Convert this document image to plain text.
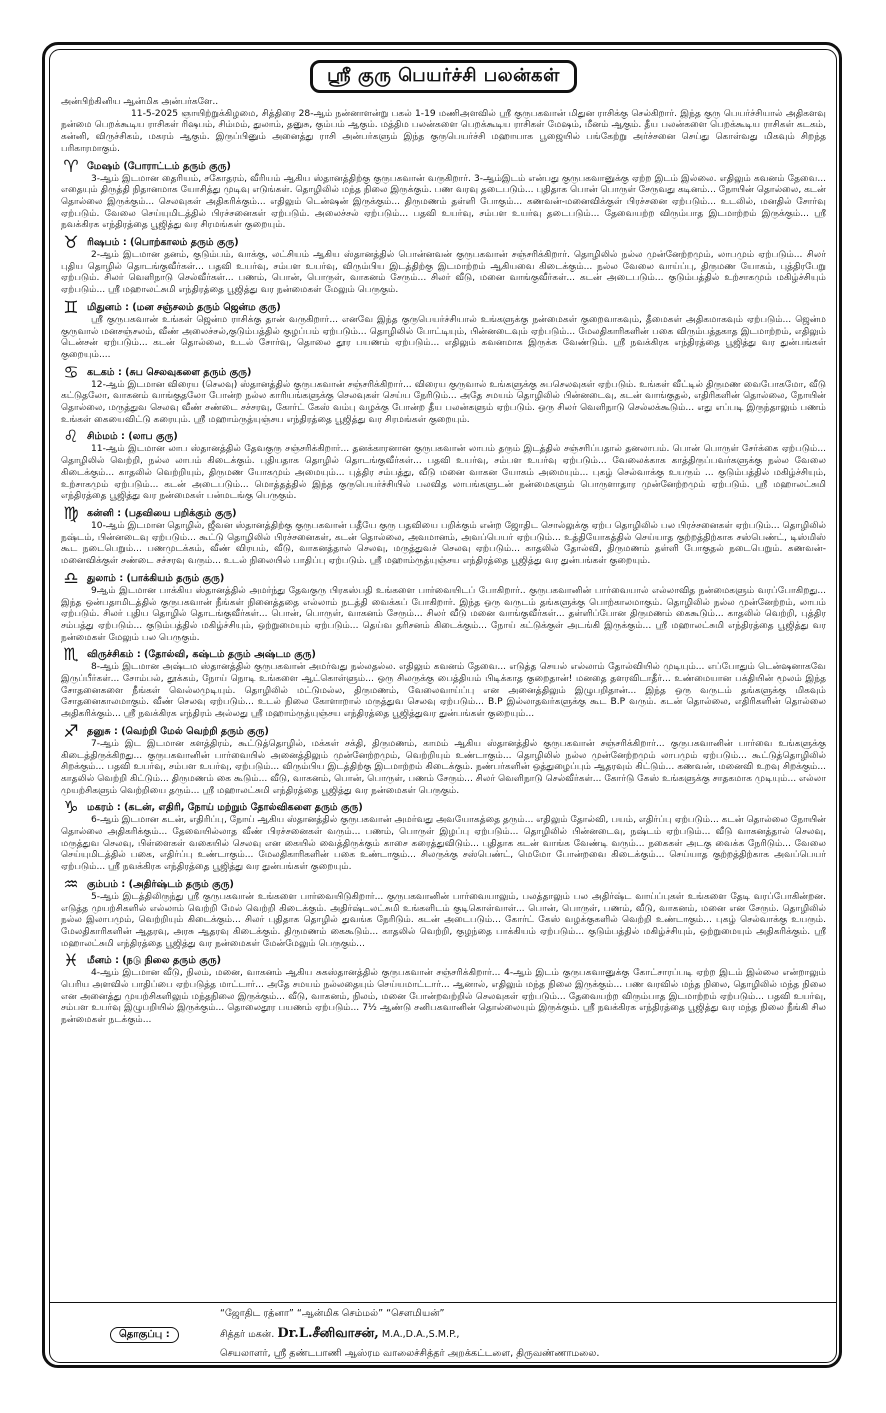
ஸ்ரீ குரு பெயர்ச்சி பலன்கள்

அன்பிற்கினிய ஆன்மிக அன்பர்களே..

11-5-2025 ஞாயிற்றுக்கிழமை, சித்திரை 28-ஆம் நன்னாளன்று பகல் 1-19 மணிஅளவில் ஸ்ரீ குருபகவான் மிதுன ராசிக்கு செல்கிறார். இந்த குரு பெயர்ச்சியால் அதிகளவு நன்மை பெறக்கூடிய ராசிகள் ரிஷபம், சிம்மம், துலாம், தனுசு, கும்பம் ஆகும். மத்திம பலன்களை பெறக்கூடிய ராசிகள் மேஷம், மீனம் ஆகும். தீய பலன்களை பெறக்கூடிய ராசிகள் கடகம், கன்னி, விருச்சிகம், மகரம் ஆகும். இருப்பினும் அனைத்து ராசி அன்பர்களும் இந்த குருபெயர்ச்சி மஹாயாக பூஜையில் பங்கேற்று அர்ச்சனை செய்து கொள்வது மிகவும் சிறந்த பரிகாரமாகும்.

♈ மேஷம் (போராட்டம் தரும் குரு)

3-ஆம் இடமான தைரியம், சகோதரம், வீரியம் ஆகிய ஸ்தானத்திற்கு குருபகவான் வருகிறார். 3-ஆம்இடம் என்பது குருபகவானுக்கு ஏற்ற இடம் இல்லை. எதிலும் கவனம் தேவை... எதையும் திருத்தி நிதானமாக யோசித்து முடிவு எடுங்கள். தொழிலில் மந்த நிலை இருக்கும். பண வரவு தடைபடும்... புதிதாக பொன் பொருள் சேருவது கடினம்... நோயின் தொல்லை, கடன் தொல்லை இருக்கும்... செலவுகள் அதிகரிக்கும்... எதிலும் டென்ஷன் இருக்கும்... திருமணம் தள்ளி போகும்... கணவன்-மனைவிக்குள் பிரச்சனை ஏற்படும்... உடலில், மனதில் சோர்வு ஏற்படும். வேலை செய்யுமிடத்தில் பிரச்சனைகள் ஏற்படும். அலைச்சல் ஏற்படும்... பதவி உயர்வு, சம்பள உயர்வு தடைபடும்... தேவையற்ற விரும்பாத இடமாற்றம் இருக்கும்... ஸ்ரீ நவக்கிரக எந்திரத்தை பூஜித்து வர சிரமங்கள் குறையும்.

♉ ரிஷபம் : (பொற்காலம் தரும் குரு)

2-ஆம் இடமான தனம், குடும்பம், வாக்கு, லட்சியம் ஆகிய ஸ்தானத்தில் பொன்னவன் குருபகவான் சஞ்சரிக்கிறார். தொழிலில் நல்ல முன்னேற்றமும், லாபமும் ஏற்படும்... சிலர் புதிய தொழில் தொடங்குவீர்கள்... பதவி உயர்வு, சம்பள உயர்வு, விரும்பிய இடத்திற்கு இடமாற்றம் ஆகியவை கிடைக்கும்... நல்ல வேலை வாய்ப்பு, திருமண யோகம், புத்திரபேறு ஏற்படும். சிலர் வெளிநாடு செல்வீர்கள்... பணம், பொன், பொருள், வாகனம் சேரும்... சிலர் வீடு, மனை வாங்குவீர்கள்... கடன் அடைபடும்... குடும்பத்தில் உற்சாகமும் மகிழ்ச்சியும் ஏற்படும்... ஸ்ரீ மஹாலட்சுமி எந்திரத்தை பூஜித்து வர நன்மைகள் மேலும் பெருகும்.

♊ மிதுனம் : (மன சஞ்சலம் தரும் ஜென்ம குரு)

ஸ்ரீ குருபகவான் உங்கள் ஜென்ம ராசிக்கு தான் வருகிறார்... எனவே இந்த குருபெயர்ச்சியால் உங்களுக்கு நன்மைகள் குறைவாகவும், தீமைகள் அதிகமாகவும் ஏற்படும்... ஜென்ம குருவால் மனசஞ்சலம், வீண் அலைச்சல்,குடும்பத்தில் குழப்பம் ஏற்படும்... தொழிலில் போட்டியும், பின்னடைவும் ஏற்படும்... மேலதிகாரிகளின் பகை விரும்பத்தகாத இடமாற்றம், எதிலும் டென்சன் ஏற்படும்... கடன் தொல்லை, உடல் சோர்வு, தொலை தூர பயணம் ஏற்படும்... எதிலும் கவனமாக இருக்க வேண்டும். ஸ்ரீ நவக்கிரக எந்திரத்தை பூஜித்து வர துன்பங்கள் குறையும்....

♋ கடகம் : (சுப செலவுகளை தரும் குரு)

12-ஆம் இடமான விரைய (செலவு) ஸ்தானத்தில் குருபகவான் சஞ்சரிக்கிறார்... விரைய குருவால் உங்களுக்கு சுபசெலவுகள் ஏற்படும். உங்கள் வீட்டில் திருமண வைபோகமோ, வீடு கட்டுதலோ, வாகனம் வாங்குதலோ போன்ற நல்ல காரியங்களுக்கு செலவுகள் செய்ய நேரிடும்... அதே சமயம் தொழிலில் பின்னடைவு, கடன் வாங்குதல், எதிரிகளின் தொல்லை, நோயின் தொல்லை, மருத்துவ செலவு வீண் சண்டை சச்சரவு, கோர்ட் கேஸ் வம்பு வழக்கு போன்ற தீய பலன்களும் ஏற்படும். ஒரு சிலர் வெளிநாடு செல்லக்கூடும்... எது எப்படி இருந்தாலும் பணம் உங்கள் கையைவிட்டு கரையும். ஸ்ரீ மஹாம்ருத்யுஞ்சய எந்திரத்தை பூஜித்து வர சிரமங்கள் குறையும்.

♌ சிம்மம் : (லாப குரு)

11-ஆம் இடமான லாப ஸ்தானத்தில் தேவகுரு சஞ்சரிக்கிறார்... தனக்காரனான குருபகவான் லாபம் தரும் இடத்தில் சஞ்சரிப்பதால் தனலாபம். பொன் பொருள் சேர்க்கை ஏற்படும்... தொழிலில் வெற்றி, நல்ல லாபம் கிடைக்கும். புதியதாக தொழில் தொடங்குவீர்கள்... பதவி உயர்வு, சம்பள உயர்வு ஏற்படும்... வேலைக்காக காத்திருப்பவர்களுக்கு நல்ல வேலை கிடைக்கும்... காதலில் வெற்றியும், திருமண யோகமும் அமையும்... புத்திர சம்பத்து, வீடு மனை வாகன யோகம் அமையும்... புகழ் செல்வாக்கு உயரும் ... குடும்பத்தில் மகிழ்ச்சியும், உற்சாகமும் ஏற்படும்... கடன் அடைபடும்... மொத்தத்தில் இந்த குருபெயர்ச்சியில் பலவித லாபங்களுடன் நன்மைகளும் பொருளாதார முன்னேற்றமும் ஏற்படும். ஸ்ரீ மஹாலட்சுமி எந்திரத்தை பூஜித்து வர நன்மைகள் பன்மடங்கு பெருகும்.

♍ கன்னி : (பதவியை பறிக்கும் குரு)

10-ஆம் இடமான தொழில், ஜீவன ஸ்தானத்திற்கு குருபகவான் பதீயே குரு பதவியை பறிக்கும் என்ற ஜோதிட சொல்லுக்கு ஏற்ப தொழிலில் பல பிரச்சனைகள் ஏற்படும்... தொழிலில் நஷ்டம், பின்னடைவு ஏற்படும்... கூட்டு தொழிலில் பிரச்சனைகள், கடன் தொல்லை, அவமானம், அவப்பெயர் ஏற்படும்... உத்தியோகத்தில் செய்யாத குற்றத்திற்காக சஸ்பெண்ட், டிஸ்மிஸ் கூட நடைபெறும்... பணமுடக்கம், வீண் விரயம், வீடு, வாகனத்தால் செலவு, மருத்துவச் செலவு ஏற்படும்... காதலில் தோல்வி, திருமணம் தள்ளி போகுதல் நடைபெறும். கணவன்-மனைவிக்குள் சண்டை சச்சரவு வரும்... உடல் நிலையில் பாதிப்பு ஏற்படும். ஸ்ரீ மஹாம்ருத்யுஞ்சய எந்திரத்தை பூஜித்து வர துன்பங்கள் குறையும்.

♎ துலாம் : (பாக்கியம் தரும் குரு)

9ஆம் இடமான பாக்கிய ஸ்தானத்தில் அமர்ந்து தேவகுரு பிரகஸ்பதி உங்களை பார்வையிடப் போகிறார்.. குருபகவானின் பார்வையால் எல்லாவித நன்மைகளும் வரப்போகிறது... இந்த ஒன்பதாமிடத்தில் குருபகவான் நீங்கள் நினைத்ததை எல்லாம் நடத்தி வைக்கப் போகிறார். இந்த ஒரு வருடம் தங்களுக்கு பொற்காலமாகும். தொழிலில் நல்ல முன்னேற்றம், லாபம் ஏற்படும். சிலர் புதிய தொழில் தொடங்குவீர்கள்... பொன், பொருள், வாகனம் சேரும்... சிலர் வீடு மனை வாங்குவீர்கள்... தள்ளிப்போன திருமணம் கைகூடும்... காதலில் வெற்றி, புத்திர சம்பத்து ஏற்படும்... குடும்பத்தில் மகிழ்ச்சியும், ஒற்றுமையும் ஏற்படும்... தெய்வ தரிசனம் கிடைக்கும்... நோய் கட்டுக்குள் அடங்கி இருக்கும்... ஸ்ரீ மஹாலட்சுமி எந்திரத்தை பூஜித்து வர நன்மைகள் மேலும் பல பெருகும்.

♏ விருச்சிகம் : (தோல்வி, கஷ்டம் தரும் அஷ்டம குரு)

8-ஆம் இடமான அஷ்டம ஸ்தானத்தில் குருபகவான் அமர்வது நல்லதல்ல. எதிலும் கவனம் தேவை... எடுத்த செயல் எல்லாம் தோல்வியில் முடியும்... எப்போதும் டென்ஷனாகவே இருப்பீர்கள்... சோம்பல், தூக்கம், நோய் நொடி உங்களை ஆட்கொள்ளும்... ஒரு சிலருக்கு பைத்தியம் பிடிக்காத குறைதான்! மனதை தளரவிடாதீர்... உண்மையான பக்தியின் மூலம் இந்த சோதனைகளை நீங்கள் வெல்லமுடியும். தொழிலில் மட்டுமல்ல, திருமணம், வேலைவாய்ப்பு என அனைத்திலும் இழுபறிதான்... இந்த ஒரு வருடம் தங்களுக்கு மிகவும் சோதனைகாலமாகும். வீண் செலவு ஏற்படும்... உடல் நிலை கோளாறால் மருத்துவ செலவு ஏற்படும்... B.P இல்லாதவர்களுக்கு கூட B.P வரும். கடன் தொல்லை, எதிரிகளின் தொல்லை அதிகரிக்கும்... ஸ்ரீ நவக்கிரக எந்திரம் அல்லது ஸ்ரீ மஹாம்ருத்யுஞ்சய எந்திரத்தை பூஜித்துவர துன்பங்கள் குறையும்...

♐ தனுசு : (வெற்றி மேல் வெற்றி தரும் குரு)

7-ஆம் இட இடமான களத்திரம், கூட்டுத்தொழில், மக்கள் சக்தி, திருமணம், காமம் ஆகிய ஸ்தானத்தில் குருபகவான் சஞ்சரிக்கிறார்... குருபகவானின் பார்வை உங்களுக்கு கிடைத்திருக்கிறது... குருபகவானின் பார்வையில் அனைத்திலும் முன்னேற்றமும், வெற்றியும் உண்டாகும்... தொழிலில் நல்ல முன்னேற்றமும் லாபமும் ஏற்படும்... கூட்டுத்தொழிலில் சிறக்கும்... பதவி உயர்வு, சம்பள உயர்வு, ஏற்படும்... விரும்பிய இடத்திற்கு இடமாற்றம் கிடைக்கும். நண்பர்களின் ஒத்துழைப்பும் ஆதரவும் கிட்டும்... கணவன், மனைவி உறவு சிறக்கும்... காதலில் வெற்றி கிட்டும்... திருமணம் கை கூடும்... வீடு, வாகனம், பொன், பொருள், பணம் சேரும்... சிலர் வெளிநாடு செல்வீர்கள்... கோர்டு கேஸ் உங்களுக்கு சாதகமாக முடியும்... எல்லா முயற்சிகளும் வெற்றியை தரும்... ஸ்ரீ மஹாலட்சுமி எந்திரத்தை பூஜித்து வர நன்மைகள் பெருகும்.

♑ மகரம் : (கடன், எதிரி, நோய் மற்றும் தோல்விகளை தரும் குரு)

6-ஆம் இடமான கடன், எதிரிப்பு, நோய் ஆகிய ஸ்தானத்தில் குருபகவான் அமர்வது அவயோகத்தை தரும்... எதிலும் தோல்வி, பயம், எதிர்ப்பு ஏற்படும்... கடன் தொல்லை நோயின் தொல்லை அதிகரிக்கும்... தேவையில்லாத வீண் பிரச்சனைகள் வரும்... பணம், பொருள் இழப்பு ஏற்படும்... தொழிலில் பின்னடைவு, நஷ்டம் ஏற்படும்... வீடு வாகனத்தால் செலவு, மருத்துவ செலவு, பிள்ளைகள் வகையில் செலவு என கையில் வைத்திருக்கும் காசை கரைத்துவிடும்... புதிதாக கடன் வாங்க வேண்டி வரும்... நகைகள் அடகு வைக்க நேரிடும்... வேலை செய்யுமிடத்தில் பகை, எதிர்ப்பு உண்டாகும்... மேலதிகாரிகளின் பகை உண்டாகும்... சிலருக்கு சஸ்பெண்ட், மெமோ போன்றவை கிடைக்கும்... செய்யாத குற்றத்திற்காக அவப்பெயர் ஏற்படும்... ஸ்ரீ நவக்கிரக எந்திரத்தை பூஜித்து வர துன்பங்கள் குறையும்.

♒ கும்பம் : (அதிர்ஷ்டம் தரும் குரு)

5-ஆம் இடத்திலிருந்து ஸ்ரீ குருபகவான் உங்களை பார்வையிடுகிறார்... குருபகவானின் பார்வையாலும், பலத்தாலும் பல அதிர்ஷ்ட வாய்ப்புகள் உங்களை தேடி வரப்போகின்றன. எடுத்த முயற்சிகளில் எல்லாம் வெற்றி மேல் வெற்றி கிடைக்கும். அதிர்ஷ்டலட்சுமி உங்களிடம் குடிகொள்வாள்... பொன், பொருள், பணம், வீடு, வாகனம், மனை என சேரும். தொழிலில் நல்ல இலாபமும், வெற்றியும் கிடைக்கும்... சிலர் புதிதாக தொழில் துவங்க நேரிடும். கடன் அடைபடும்... கோர்ட் கேஸ் வழக்குகளில் வெற்றி உண்டாகும்... புகழ் செல்வாக்கு உயரும். மேலதிகாரிகளின் ஆதரவு, அரசு ஆதரவு கிடைக்கும். திருமணம் கைகூடும்... காதலில் வெற்றி, குழந்தை பாக்கியம் ஏற்படும்... குடும்பத்தில் மகிழ்ச்சியும், ஒற்றுமையும் அதிகரிக்கும். ஸ்ரீ மஹாலட்சுமி எந்திரத்தை பூஜித்து வர நன்மைகள் மேன்மேலும் பெருகும்...

♓ மீனம் : (நடு நிலை தரும் குரு)

4-ஆம் இடமான வீடு, நிலம், மனை, வாகனம் ஆகிய சுகஸ்தானத்தில் குருபகவான் சஞ்சரிக்கிறார்... 4-ஆம் இடம் குருபகவானுக்கு கோட்சாரப்படி ஏற்ற இடம் இல்லை என்றாலும் பெரிய அளவில் பாதிப்பை ஏற்படுத்த மாட்டார்... அதே சமயம் நல்லதையும் செய்யமாட்டார்... ஆனால், எதிலும் மந்த நிலை இருக்கும்... பண வரவில் மந்த நிலை, தொழிலில் மந்த நிலை என அனைத்து முயற்சிகளிலும் மந்தநிலை இருக்கும்... வீடு, வாகனம், நிலம், மனை போன்றவற்றில் செலவுகள் ஏற்படும்... தேவையற்ற விரும்பாத இடமாற்றம் ஏற்படும்... பதவி உயர்வு, சம்பள உயர்வு இழுபறியில் இருக்கும்... தொலைதூர பயணம் ஏற்படும்... 7½ ஆண்டு சனிபகவானின் தொல்லையும் இருக்கும். ஸ்ரீ நவக்கிரக எந்திரத்தை பூஜித்து வர மந்த நிலை நீங்கி சில நன்மைகள் நடக்கும்...

தொகுப்பு :
“ஜோதிட ரத்னா” “ஆன்மிக செம்மல்” “சௌமியன்”
சித்தர் மகன். Dr.L.சீனிவாசன், M.A.,D.A.,S.M.P.,
செயலாளர், ஸ்ரீ தண்டபாணி ஆஸ்ரம வாலைச்சித்தர் அறக்கட்டளை, திருவண்ணாமலை.
